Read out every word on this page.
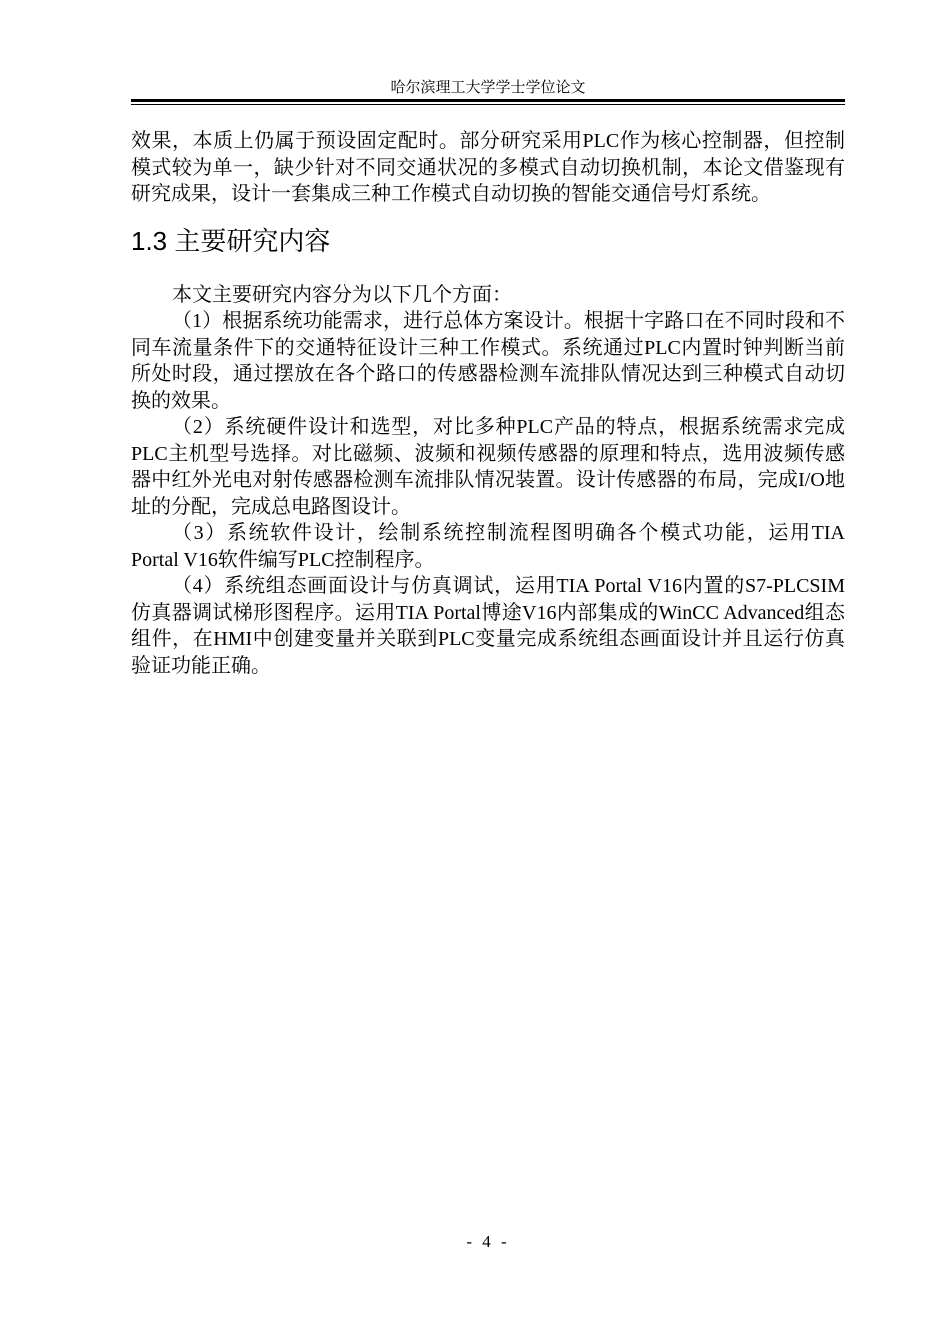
哈尔滨理工大学学士学位论文

效果，本质上仍属于预设固定配时。部分研究采用PLC作为核心控制器，但控制模式较为单一，缺少针对不同交通状况的多模式自动切换机制，本论文借鉴现有研究成果，设计一套集成三种工作模式自动切换的智能交通信号灯系统。

1.3 主要研究内容

本文主要研究内容分为以下几个方面：

（1）根据系统功能需求，进行总体方案设计。根据十字路口在不同时段和不同车流量条件下的交通特征设计三种工作模式。系统通过PLC内置时钟判断当前所处时段，通过摆放在各个路口的传感器检测车流排队情况达到三种模式自动切换的效果。

（2）系统硬件设计和选型，对比多种PLC产品的特点，根据系统需求完成PLC主机型号选择。对比磁频、波频和视频传感器的原理和特点，选用波频传感器中红外光电对射传感器检测车流排队情况装置。设计传感器的布局，完成I/O地址的分配，完成总电路图设计。

（3）系统软件设计，绘制系统控制流程图明确各个模式功能，运用TIA Portal V16软件编写PLC控制程序。

（4）系统组态画面设计与仿真调试，运用TIA Portal V16内置的S7-PLCSIM仿真器调试梯形图程序。运用TIA Portal博途V16内部集成的WinCC Advanced组态组件，在HMI中创建变量并关联到PLC变量完成系统组态画面设计并且运行仿真验证功能正确。

- 4 -
